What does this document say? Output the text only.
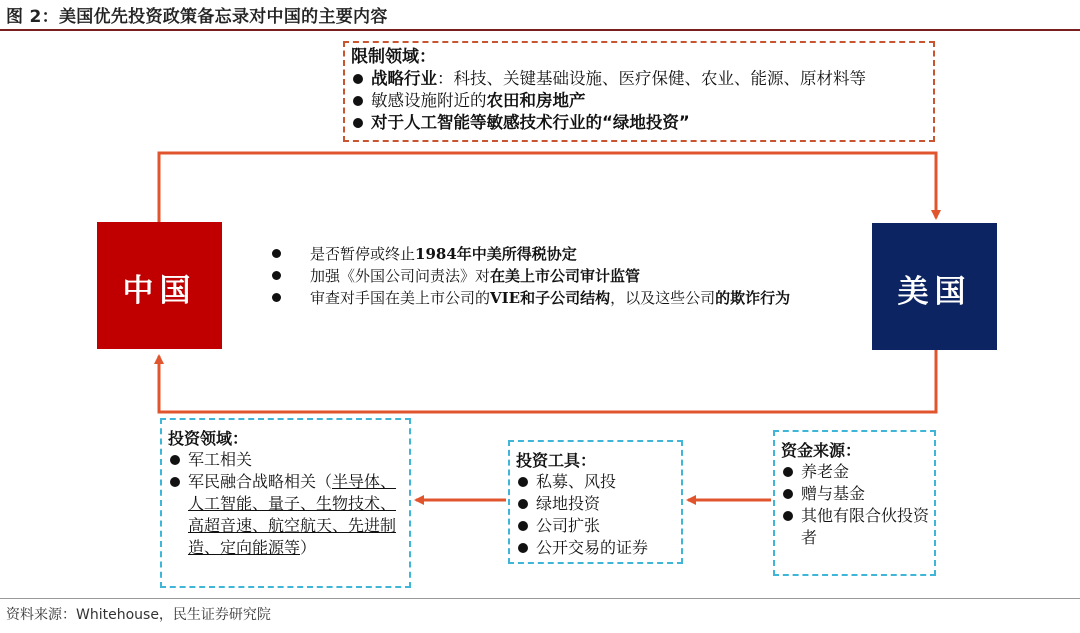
图 2：美国优先投资政策备忘录对中国的主要内容
限制领域：
战略行业：科技、关键基础设施、医疗保健、农业、能源、原材料等
敏感设施附近的农田和房地产
对于人工智能等敏感技术行业的“绿地投资”
中国	美国
是否暂停或终止1984年中美所得税协定
加强《外国公司问责法》对在美上市公司审计监管
审查对手国在美上市公司的VIE和子公司结构，以及这些公司的欺诈行为
投资领域：
军工相关
军民融合战略相关（半导体、人工智能、量子、生物技术、高超音速、航空航天、先进制造、定向能源等）
投资工具：
私募、风投
绿地投资
公司扩张
公开交易的证券
资金来源：
养老金
赠与基金
其他有限合伙投资者
资料来源：Whitehouse，民生证券研究院
